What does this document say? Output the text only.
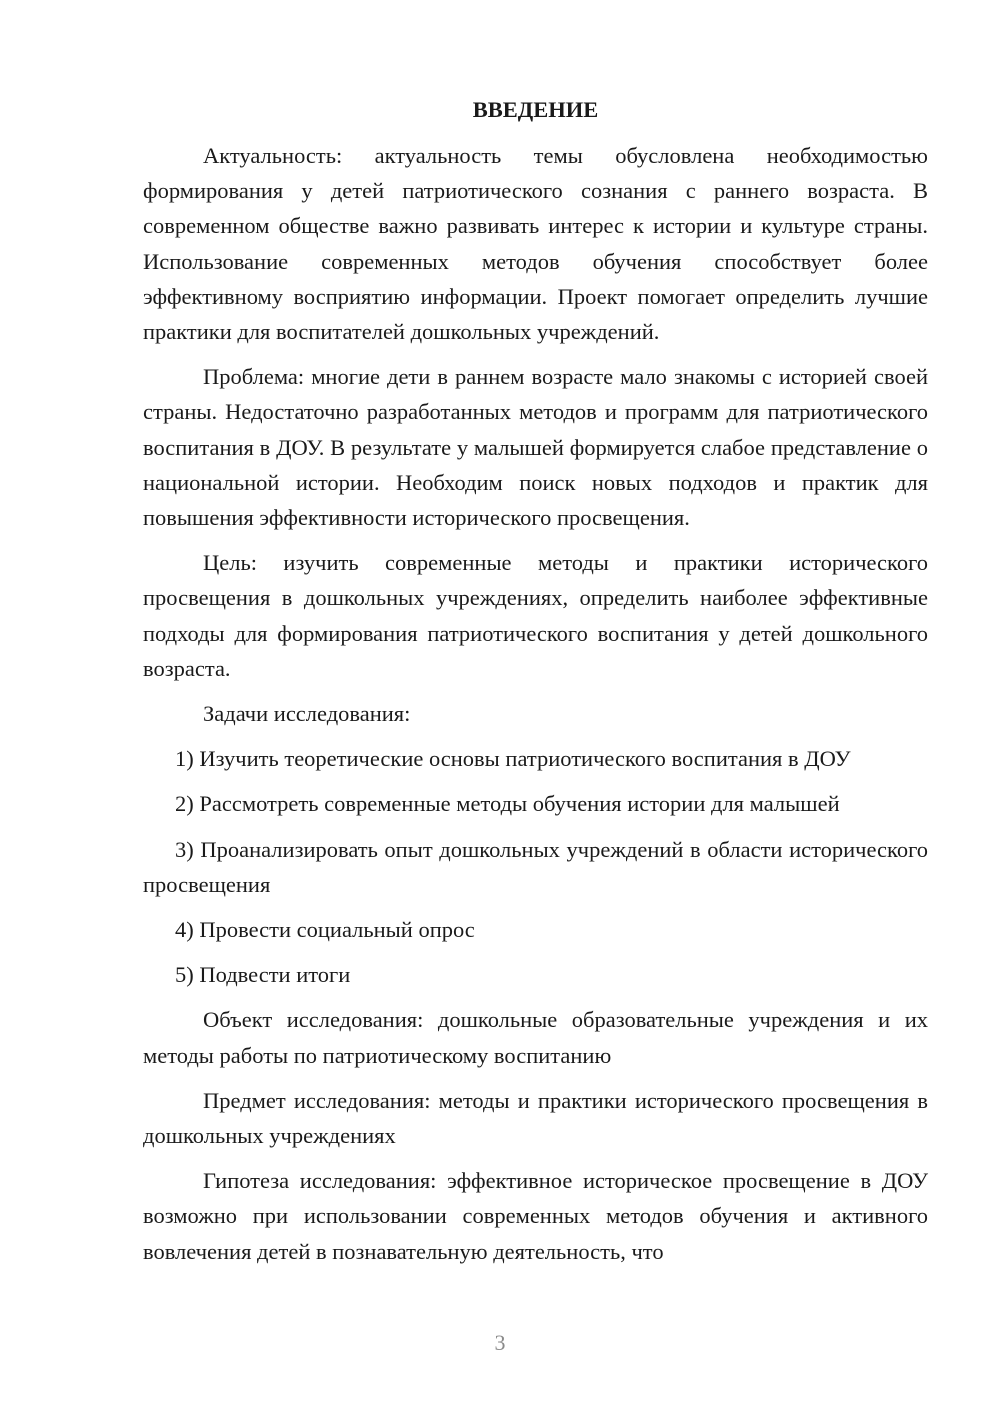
ВВЕДЕНИЕ

Актуальность: актуальность темы обусловлена необходимостью формирования у детей патриотического сознания с раннего возраста. В современном обществе важно развивать интерес к истории и культуре страны. Использование современных методов обучения способствует более эффективному восприятию информации. Проект помогает определить лучшие практики для воспитателей дошкольных учреждений.

Проблема: многие дети в раннем возрасте мало знакомы с историей своей страны. Недостаточно разработанных методов и программ для патриотического воспитания в ДОУ. В результате у малышей формируется слабое представление о национальной истории. Необходим поиск новых подходов и практик для повышения эффективности исторического просвещения.

Цель: изучить современные методы и практики исторического просвещения в дошкольных учреждениях, определить наиболее эффективные подходы для формирования патриотического воспитания у детей дошкольного возраста.

Задачи исследования:

1) Изучить теоретические основы патриотического воспитания в ДОУ

2) Рассмотреть современные методы обучения истории для малышей

3) Проанализировать опыт дошкольных учреждений в области исторического просвещения

4) Провести социальный опрос

5) Подвести итоги

Объект исследования: дошкольные образовательные учреждения и их методы работы по патриотическому воспитанию

Предмет исследования: методы и практики исторического просвещения в дошкольных учреждениях

Гипотеза исследования: эффективное историческое просвещение в ДОУ возможно при использовании современных методов обучения и активного вовлечения детей в познавательную деятельность, что

3
